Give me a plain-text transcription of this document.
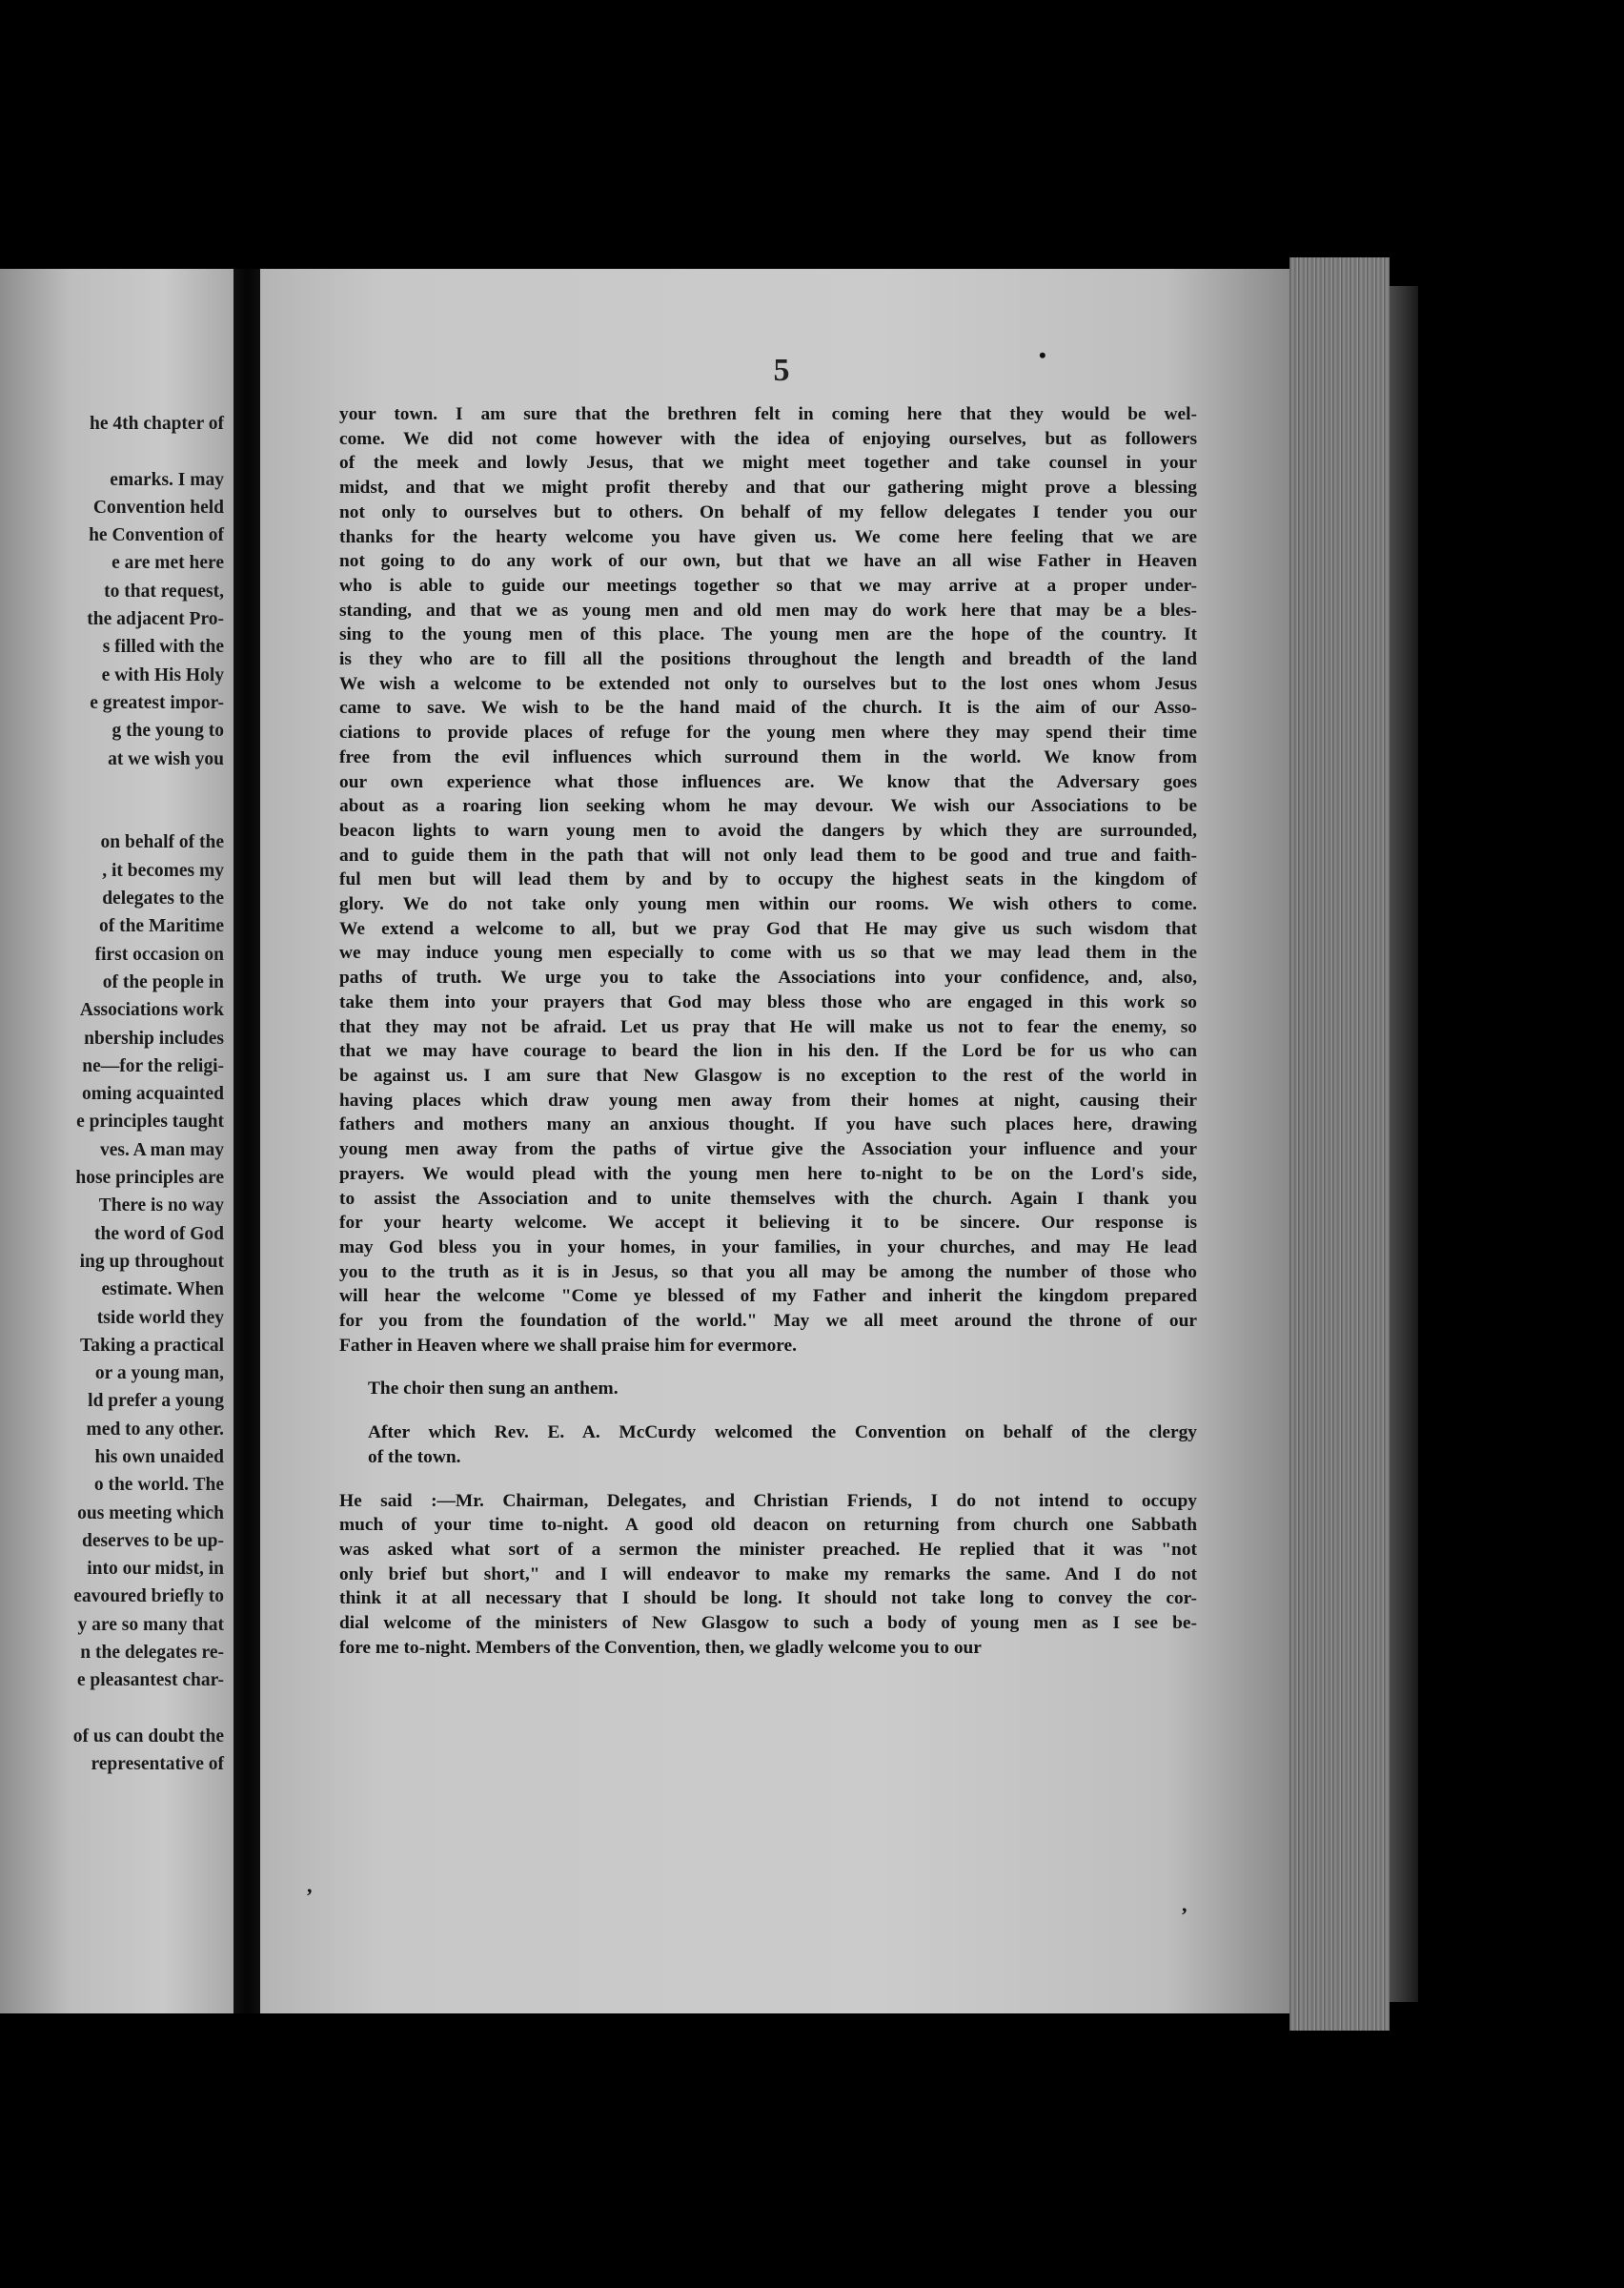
he 4th chapter of
emarks. I may
Convention held
he Convention of
e are met here
to that request,
the adjacent Pro-
s filled with the
e with His Holy
e greatest impor-
g the young to
at we wish you
on behalf of the
, it becomes my
delegates to the
of the Maritime
first occasion on
of the people in
Associations work
nbership includes
ne—for the religi-
oming acquainted
e principles taught
ves. A man may
hose principles are
There is no way
the word of God
ing up throughout
estimate. When
tside world they
Taking a practical
or a young man,
ld prefer a young
med to any other.
his own unaided
o the world. The
ous meeting which
deserves to be up-
into our midst, in
eavoured briefly to
y are so many that
n the delegates re-
e pleasantest char-
of us can doubt the
representative of
5
your town. I am sure that the brethren felt in coming here that they would be wel-
come. We did not come however with the idea of enjoying ourselves, but as followers
of the meek and lowly Jesus, that we might meet together and take counsel in your
midst, and that we might profit thereby and that our gathering might prove a blessing
not only to ourselves but to others. On behalf of my fellow delegates I tender you our
thanks for the hearty welcome you have given us. We come here feeling that we are
not going to do any work of our own, but that we have an all wise Father in Heaven
who is able to guide our meetings together so that we may arrive at a proper under-
standing, and that we as young men and old men may do work here that may be a bles-
sing to the young men of this place. The young men are the hope of the country. It
is they who are to fill all the positions throughout the length and breadth of the land
We wish a welcome to be extended not only to ourselves but to the lost ones whom Jesus
came to save. We wish to be the hand maid of the church. It is the aim of our Asso-
ciations to provide places of refuge for the young men where they may spend their time
free from the evil influences which surround them in the world. We know from
our own experience what those influences are. We know that the Adversary goes
about as a roaring lion seeking whom he may devour. We wish our Associations to be
beacon lights to warn young men to avoid the dangers by which they are surrounded,
and to guide them in the path that will not only lead them to be good and true and faith-
ful men but will lead them by and by to occupy the highest seats in the kingdom of
glory. We do not take only young men within our rooms. We wish others to come.
We extend a welcome to all, but we pray God that He may give us such wisdom that
we may induce young men especially to come with us so that we may lead them in the
paths of truth. We urge you to take the Associations into your confidence, and, also,
take them into your prayers that God may bless those who are engaged in this work so
that they may not be afraid. Let us pray that He will make us not to fear the enemy, so
that we may have courage to beard the lion in his den. If the Lord be for us who can
be against us. I am sure that New Glasgow is no exception to the rest of the world in
having places which draw young men away from their homes at night, causing their
fathers and mothers many an anxious thought. If you have such places here, drawing
young men away from the paths of virtue give the Association your influence and your
prayers. We would plead with the young men here to-night to be on the Lord's side,
to assist the Association and to unite themselves with the church. Again I thank you
for your hearty welcome. We accept it believing it to be sincere. Our response is
may God bless you in your homes, in your families, in your churches, and may He lead
you to the truth as it is in Jesus, so that you all may be among the number of those who
will hear the welcome "Come ye blessed of my Father and inherit the kingdom prepared
for you from the foundation of the world." May we all meet around the throne of our
Father in Heaven where we shall praise him for evermore.
The choir then sung an anthem.
After which Rev. E. A. McCurdy welcomed the Convention on behalf of the clergy
of the town.
He said :—Mr. Chairman, Delegates, and Christian Friends, I do not intend to occupy
much of your time to-night. A good old deacon on returning from church one Sabbath
was asked what sort of a sermon the minister preached. He replied that it was "not
only brief but short," and I will endeavor to make my remarks the same. And I do not
think it at all necessary that I should be long. It should not take long to convey the cor-
dial welcome of the ministers of New Glasgow to such a body of young men as I see be-
fore me to-night. Members of the Convention, then, we gladly welcome you to our
,
,
•
